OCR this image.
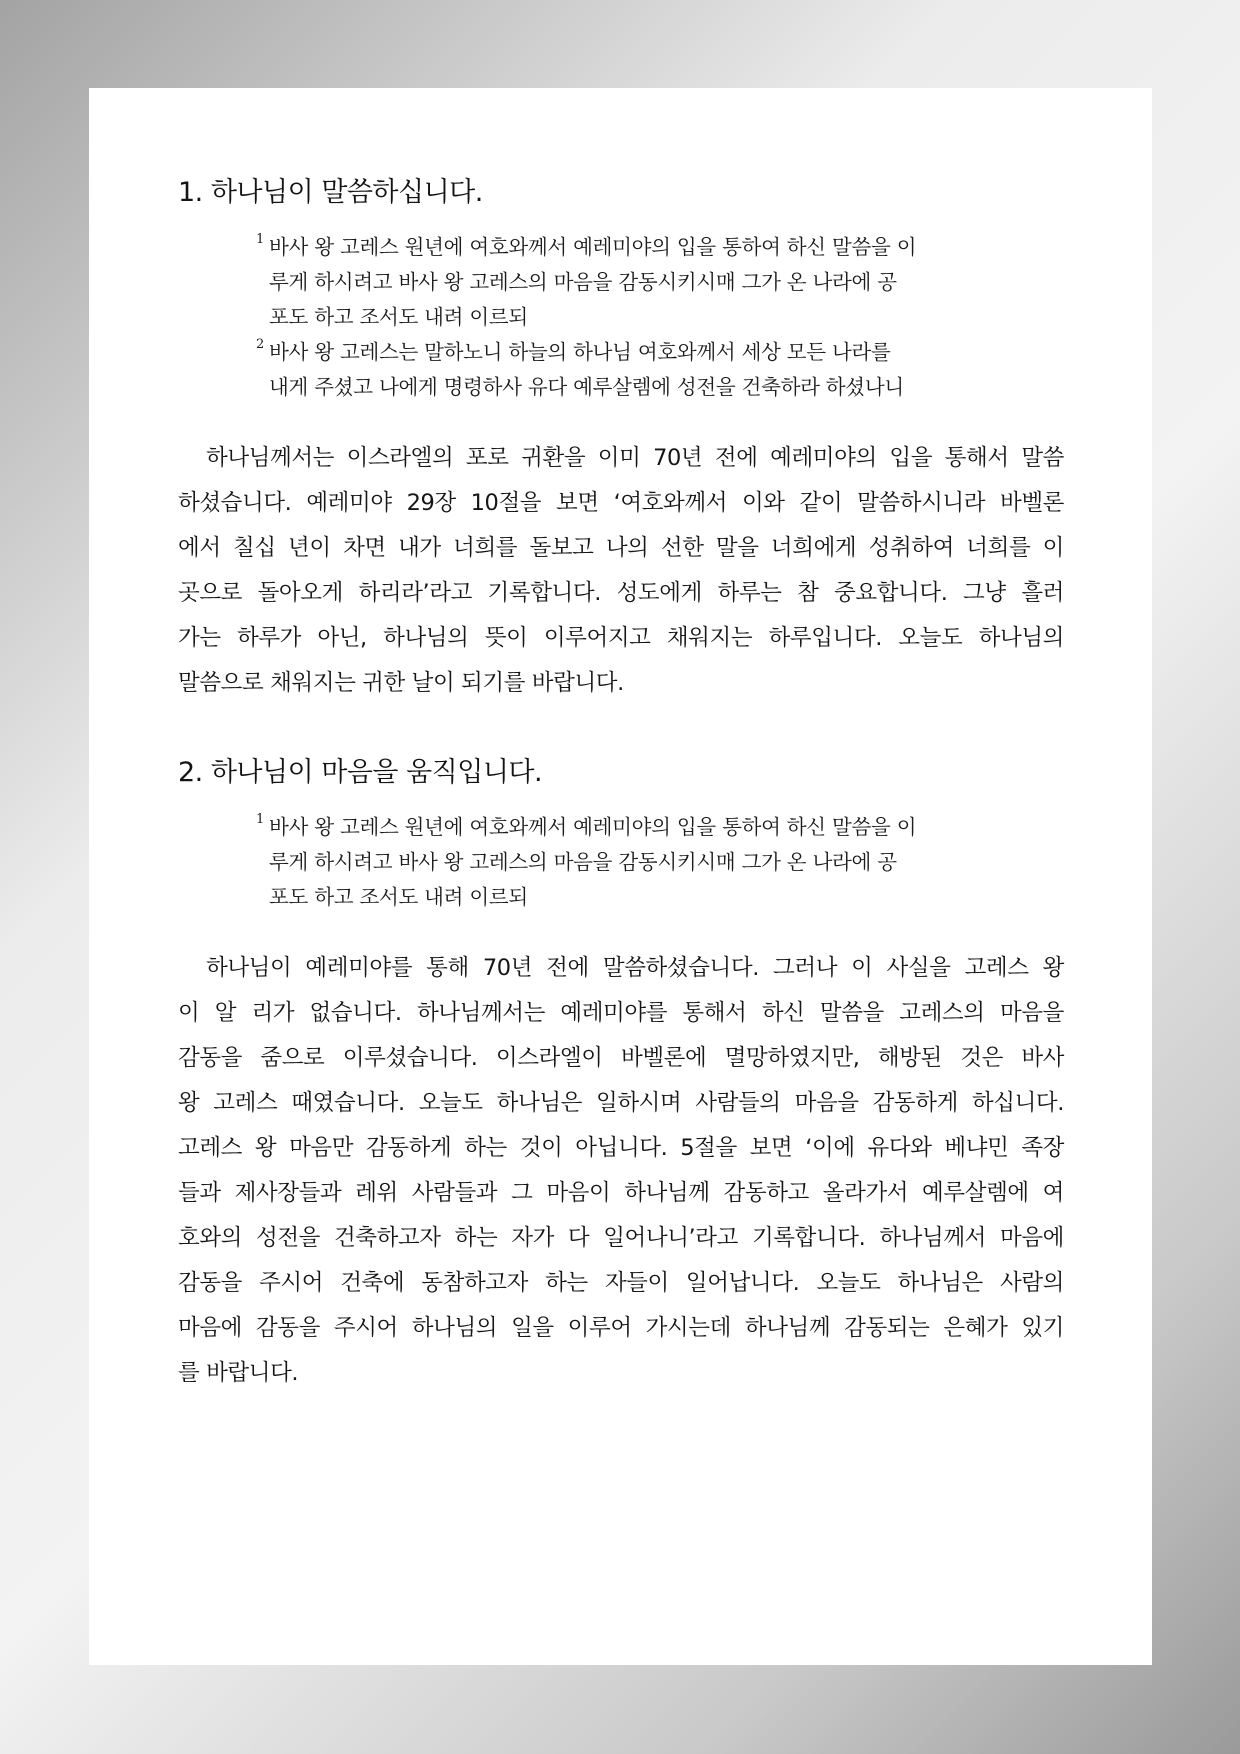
1. 하나님이 말씀하십니다.
1 바사 왕 고레스 원년에 여호와께서 예레미야의 입을 통하여 하신 말씀을 이
루게 하시려고 바사 왕 고레스의 마음을 감동시키시매 그가 온 나라에 공
포도 하고 조서도 내려 이르되
2 바사 왕 고레스는 말하노니 하늘의 하나님 여호와께서 세상 모든 나라를
내게 주셨고 나에게 명령하사 유다 예루살렘에 성전을 건축하라 하셨나니
하나님께서는 이스라엘의 포로 귀환을 이미 70년 전에 예레미야의 입을 통해서 말씀
하셨습니다. 예레미야 29장 10절을 보면 ‘여호와께서 이와 같이 말씀하시니라 바벨론
에서 칠십 년이 차면 내가 너희를 돌보고 나의 선한 말을 너희에게 성취하여 너희를 이
곳으로 돌아오게 하리라’라고 기록합니다. 성도에게 하루는 참 중요합니다. 그냥 흘러
가는 하루가 아닌, 하나님의 뜻이 이루어지고 채워지는 하루입니다. 오늘도 하나님의
말씀으로 채워지는 귀한 날이 되기를 바랍니다.
2. 하나님이 마음을 움직입니다.
1 바사 왕 고레스 원년에 여호와께서 예레미야의 입을 통하여 하신 말씀을 이
루게 하시려고 바사 왕 고레스의 마음을 감동시키시매 그가 온 나라에 공
포도 하고 조서도 내려 이르되
하나님이 예레미야를 통해 70년 전에 말씀하셨습니다. 그러나 이 사실을 고레스 왕
이 알 리가 없습니다. 하나님께서는 예레미야를 통해서 하신 말씀을 고레스의 마음을
감동을 줌으로 이루셨습니다. 이스라엘이 바벨론에 멸망하였지만, 해방된 것은 바사
왕 고레스 때였습니다. 오늘도 하나님은 일하시며 사람들의 마음을 감동하게 하십니다.
고레스 왕 마음만 감동하게 하는 것이 아닙니다. 5절을 보면 ‘이에 유다와 베냐민 족장
들과 제사장들과 레위 사람들과 그 마음이 하나님께 감동하고 올라가서 예루살렘에 여
호와의 성전을 건축하고자 하는 자가 다 일어나니’라고 기록합니다. 하나님께서 마음에
감동을 주시어 건축에 동참하고자 하는 자들이 일어납니다. 오늘도 하나님은 사람의
마음에 감동을 주시어 하나님의 일을 이루어 가시는데 하나님께 감동되는 은혜가 있기
를 바랍니다.
